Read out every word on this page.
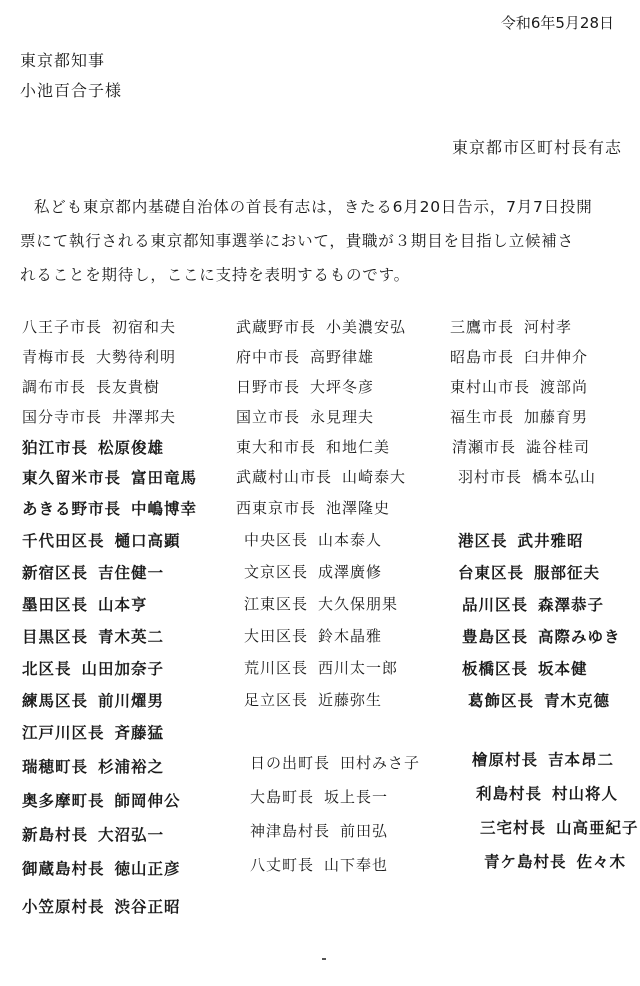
令和6年5月28日
東京都知事
小池百合子様
東京都市区町村長有志
私ども東京都内基礎自治体の首長有志は，きたる6月20日告示，7月7日投開
票にて執行される東京都知事選挙において，貴職が３期目を目指し立候補さ
れることを期待し，ここに支持を表明するものです。
八王子市長 初宿和夫
青梅市長 大勢待利明
調布市長 長友貴樹
国分寺市長 井澤邦夫
狛江市長 松原俊雄
東久留米市長 富田竜馬
あきる野市長 中嶋博幸
千代田区長 樋口高顕
新宿区長 吉住健一
墨田区長 山本亨
目黒区長 青木英二
北区長 山田加奈子
練馬区長 前川燿男
江戸川区長 斉藤猛
瑞穂町長 杉浦裕之
奥多摩町長 師岡伸公
新島村長 大沼弘一
御蔵島村長 徳山正彦
小笠原村長 渋谷正昭
武蔵野市長 小美濃安弘
府中市長 高野律雄
日野市長 大坪冬彦
国立市長 永見理夫
東大和市長 和地仁美
武蔵村山市長 山崎泰大
西東京市長 池澤隆史
中央区長 山本泰人
文京区長 成澤廣修
江東区長 大久保朋果
大田区長 鈴木晶雅
荒川区長 西川太一郎
足立区長 近藤弥生
日の出町長 田村みさ子
大島町長 坂上長一
神津島村長 前田弘
八丈町長 山下奉也
三鷹市長 河村孝
昭島市長 臼井伸介
東村山市長 渡部尚
福生市長 加藤育男
清瀬市長 澁谷桂司
羽村市長 橋本弘山
港区長 武井雅昭
台東区長 服部征夫
品川区長 森澤恭子
豊島区長 高際みゆき
板橋区長 坂本健
葛飾区長 青木克德
檜原村長 吉本昂二
利島村長 村山将人
三宅村長 山高亜紀子
青ケ島村長 佐々木
